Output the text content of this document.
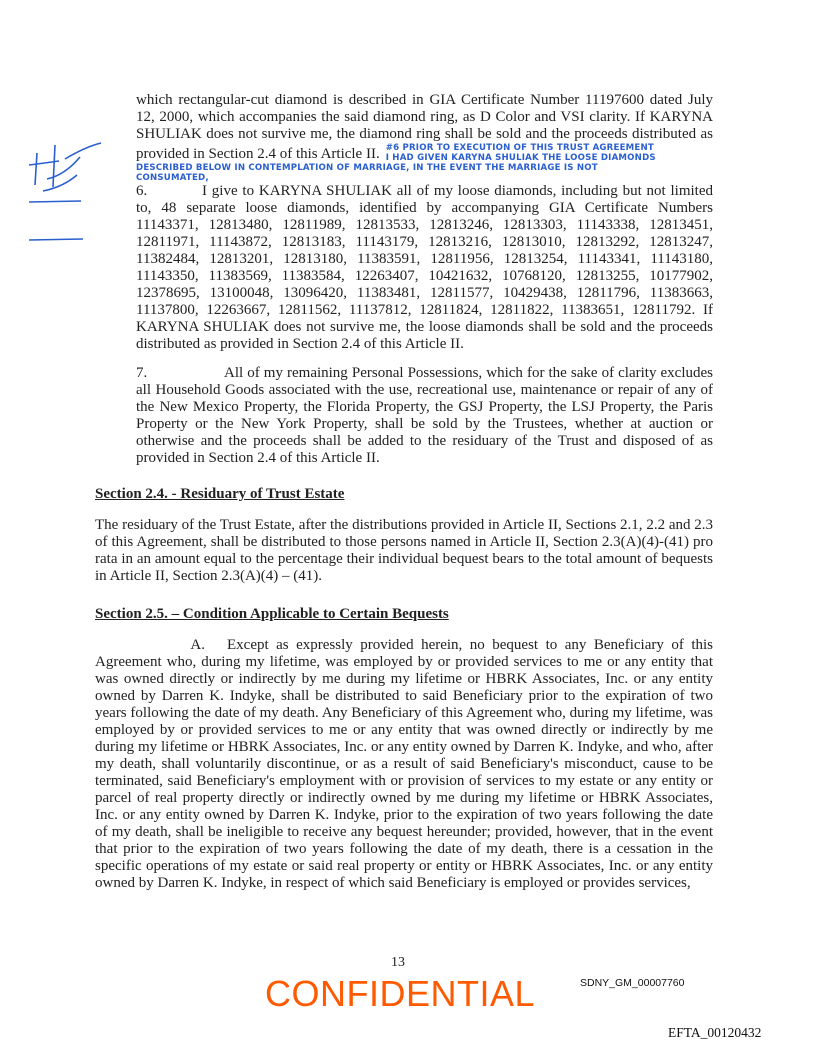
which rectangular-cut diamond is described in GIA Certificate Number 11197600 dated July 12, 2000, which accompanies the said diamond ring, as D Color and VSI clarity. If KARYNA SHULIAK does not survive me, the diamond ring shall be sold and the proceeds distributed as provided in Section 2.4 of this Article II. #6 PRIOR TO EXECUTION OF THIS TRUST AGREEMENT
I HAD GIVEN KARYNA SHULIAK THE LOOSE DIAMONDS

DESCRIBED BELOW IN CONTEMPLATION OF MARRIAGE, IN THE EVENT THE MARRIAGE IS NOT
CONSUMATED,

6.	I give to KARYNA SHULIAK all of my loose diamonds, including but not limited to, 48 separate loose diamonds, identified by accompanying GIA Certificate Numbers 11143371, 12813480, 12811989, 12813533, 12813246, 12813303, 11143338, 12813451, 12811971, 11143872, 12813183, 11143179, 12813216, 12813010, 12813292, 12813247, 11382484, 12813201, 12813180, 11383591, 12811956, 12813254, 11143341, 11143180, 11143350, 11383569, 11383584, 12263407, 10421632, 10768120, 12813255, 10177902, 12378695, 13100048, 13096420, 11383481, 12811577, 10429438, 12811796, 11383663, 11137800, 12263667, 12811562, 11137812, 12811824, 12811822, 11383651, 12811792. If KARYNA SHULIAK does not survive me, the loose diamonds shall be sold and the proceeds distributed as provided in Section 2.4 of this Article II.

7.	All of my remaining Personal Possessions, which for the sake of clarity excludes all Household Goods associated with the use, recreational use, maintenance or repair of any of the New Mexico Property, the Florida Property, the GSJ Property, the LSJ Property, the Paris Property or the New York Property, shall be sold by the Trustees, whether at auction or otherwise and the proceeds shall be added to the residuary of the Trust and disposed of as provided in Section 2.4 of this Article II.

Section 2.4. - Residuary of Trust Estate

The residuary of the Trust Estate, after the distributions provided in Article II, Sections 2.1, 2.2 and 2.3 of this Agreement, shall be distributed to those persons named in Article II, Section 2.3(A)(4)-(41) pro rata in an amount equal to the percentage their individual bequest bears to the total amount of bequests in Article II, Section 2.3(A)(4) – (41).

Section 2.5. – Condition Applicable to Certain Bequests

A. Except as expressly provided herein, no bequest to any Beneficiary of this Agreement who, during my lifetime, was employed by or provided services to me or any entity that was owned directly or indirectly by me during my lifetime or HBRK Associates, Inc. or any entity owned by Darren K. Indyke, shall be distributed to said Beneficiary prior to the expiration of two years following the date of my death. Any Beneficiary of this Agreement who, during my lifetime, was employed by or provided services to me or any entity that was owned directly or indirectly by me during my lifetime or HBRK Associates, Inc. or any entity owned by Darren K. Indyke, and who, after my death, shall voluntarily discontinue, or as a result of said Beneficiary's misconduct, cause to be terminated, said Beneficiary's employment with or provision of services to my estate or any entity or parcel of real property directly or indirectly owned by me during my lifetime or HBRK Associates, Inc. or any entity owned by Darren K. Indyke, prior to the expiration of two years following the date of my death, shall be ineligible to receive any bequest hereunder; provided, however, that in the event that prior to the expiration of two years following the date of my death, there is a cessation in the specific operations of my estate or said real property or entity or HBRK Associates, Inc. or any entity owned by Darren K. Indyke, in respect of which said Beneficiary is employed or provides services,

13
CONFIDENTIAL	SDNY_GM_00007760
EFTA_00120432
